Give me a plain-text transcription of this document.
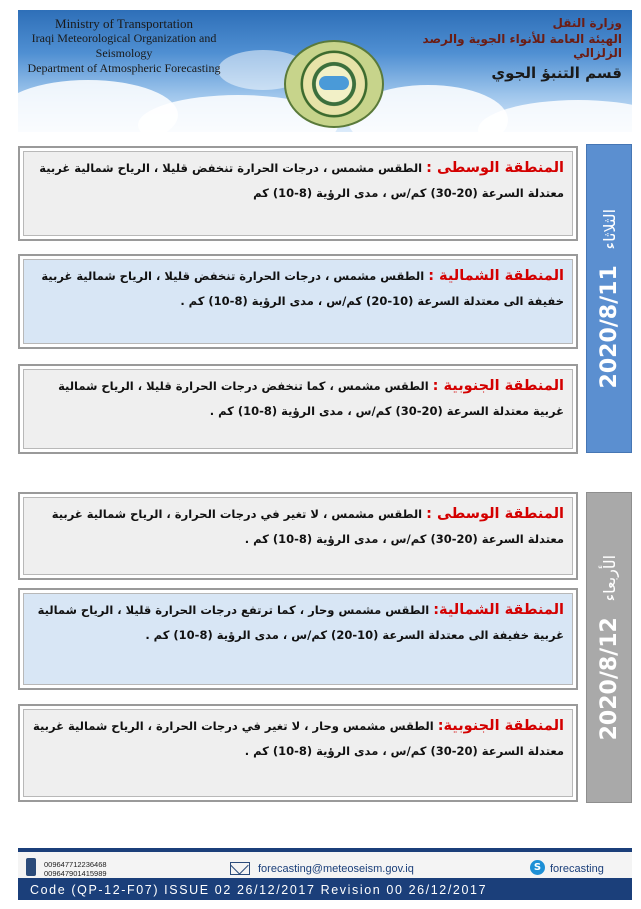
Ministry of Transportation
Iraqi Meteorological Organization and Seismology
Department of Atmospheric Forecasting
وزارة النقل
الهيئة العامة للأنواء الجوية والرصد الزلزالي
قسم التنبؤ الجوي
2020/8/11 الثلاثاء
المنطقة الوسطى : الطقس مشمس ، درجات الحرارة تنخفض قليلا ، الرياح شمالية غربية معتدلة السرعة (20-30) كم/س ، مدى الرؤية (8-10) كم
المنطقة الشمالية : الطقس مشمس ، درجات الحرارة تنخفض قليلا ، الرياح شمالية غربية خفيفة الى معتدلة السرعة (10-20) كم/س ، مدى الرؤية (8-10) كم .
المنطقة الجنوبية : الطقس مشمس ، كما تنخفض درجات الحرارة قليلا ، الرياح شمالية غربية معتدلة السرعة (20-30) كم/س ، مدى الرؤية (8-10) كم .
2020/8/12 الأربعاء
المنطقة الوسطى : الطقس مشمس ، لا تغير في درجات الحرارة ، الرياح شمالية غربية معتدلة السرعة (20-30) كم/س ، مدى الرؤية (8-10) كم .
المنطقة الشمالية: الطقس مشمس وحار ، كما ترتفع درجات الحرارة قليلا ، الرياح شمالية غربية خفيفة الى معتدلة السرعة (10-20) كم/س ، مدى الرؤية (8-10) كم .
المنطقة الجنوبية: الطقس مشمس وحار ، لا تغير في درجات الحرارة ، الرياح شمالية غربية معتدلة السرعة (20-30) كم/س ، مدى الرؤية (8-10) كم .
009647712236468
009647901415989	forecasting@meteoseism.gov.iq	S forecasting
Code (QP-12-F07) ISSUE 02 26/12/2017 Revision 00 26/12/2017
